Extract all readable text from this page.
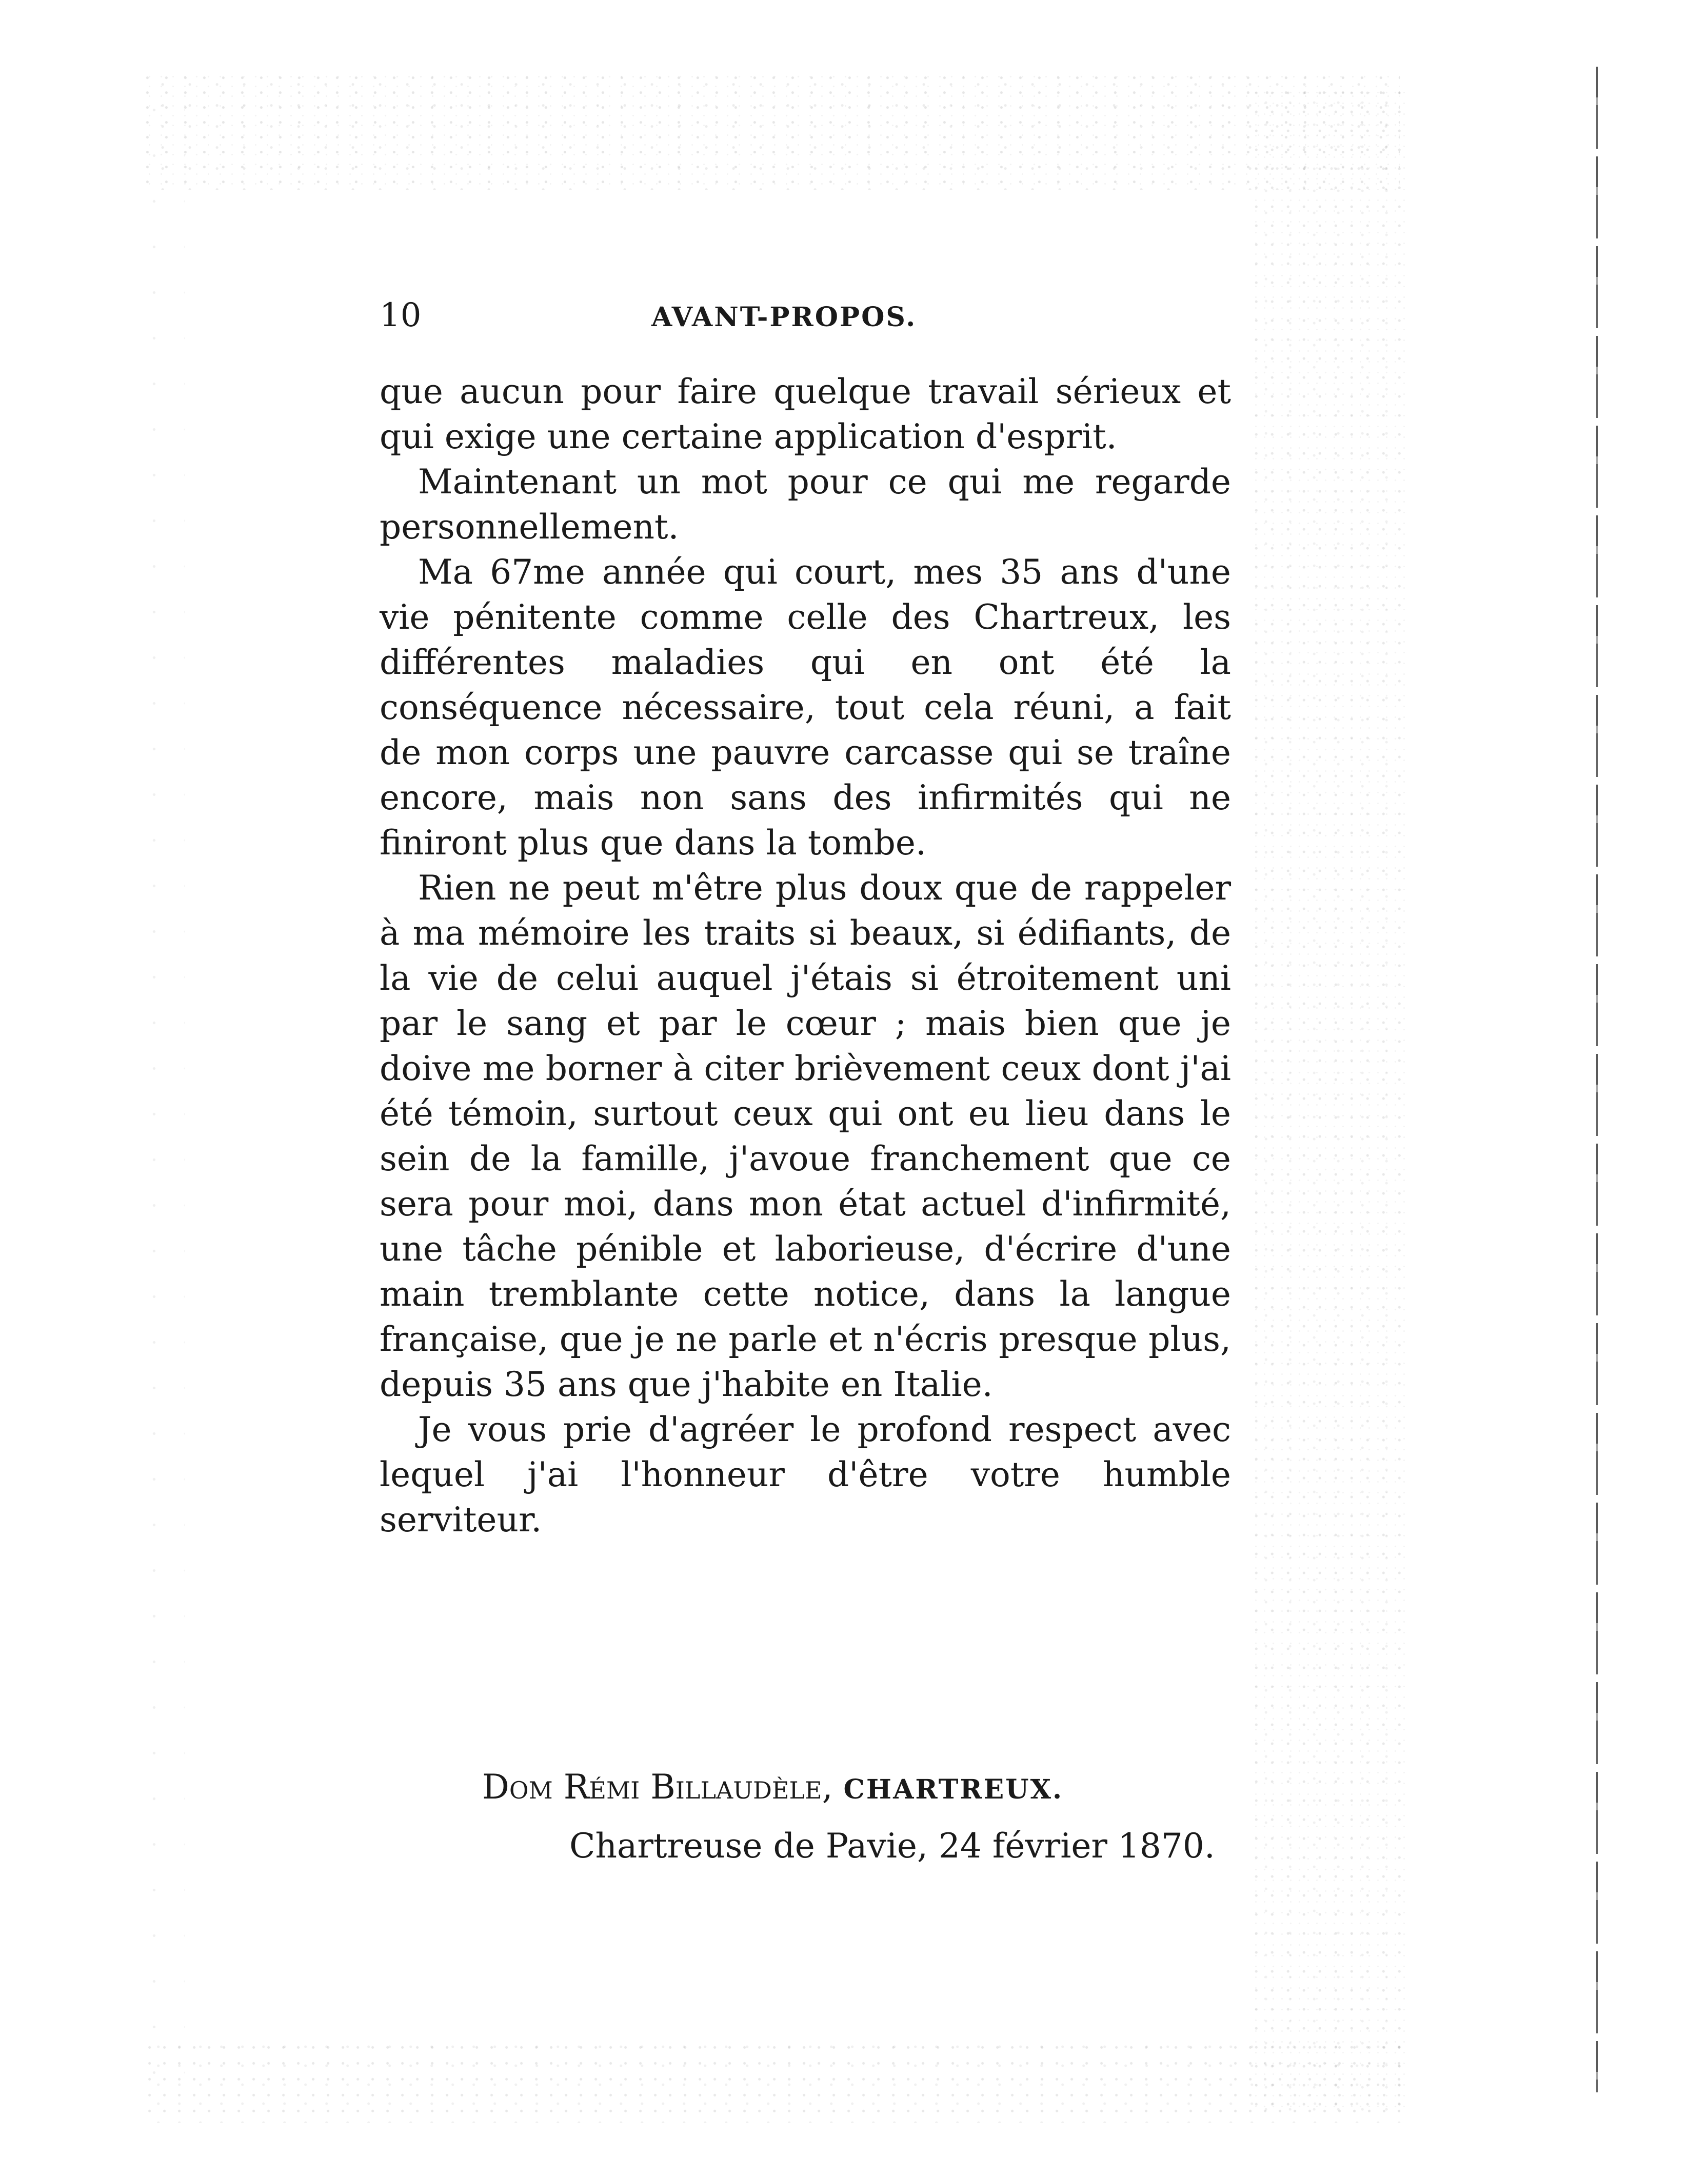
10	AVANT-PROPOS.

que aucun pour faire quelque travail sérieux et qui exige une certaine application d'esprit.

Maintenant un mot pour ce qui me regarde personnellement.

Ma 67me année qui court, mes 35 ans d'une vie pénitente comme celle des Chartreux, les différentes maladies qui en ont été la conséquence nécessaire, tout cela réuni, a fait de mon corps une pauvre carcasse qui se traîne encore, mais non sans des infirmités qui ne finiront plus que dans la tombe.

Rien ne peut m'être plus doux que de rappeler à ma mémoire les traits si beaux, si édifiants, de la vie de celui auquel j'étais si étroitement uni par le sang et par le cœur ; mais bien que je doive me borner à citer brièvement ceux dont j'ai été témoin, surtout ceux qui ont eu lieu dans le sein de la famille, j'avoue franchement que ce sera pour moi, dans mon état actuel d'infirmité, une tâche pénible et laborieuse, d'écrire d'une main tremblante cette notice, dans la langue française, que je ne parle et n'écris presque plus, depuis 35 ans que j'habite en Italie.

Je vous prie d'agréer le profond respect avec lequel j'ai l'honneur d'être votre humble serviteur.

Dom Rémi Billaudèle, CHARTREUX.
Chartreuse de Pavie, 24 février 1870.
